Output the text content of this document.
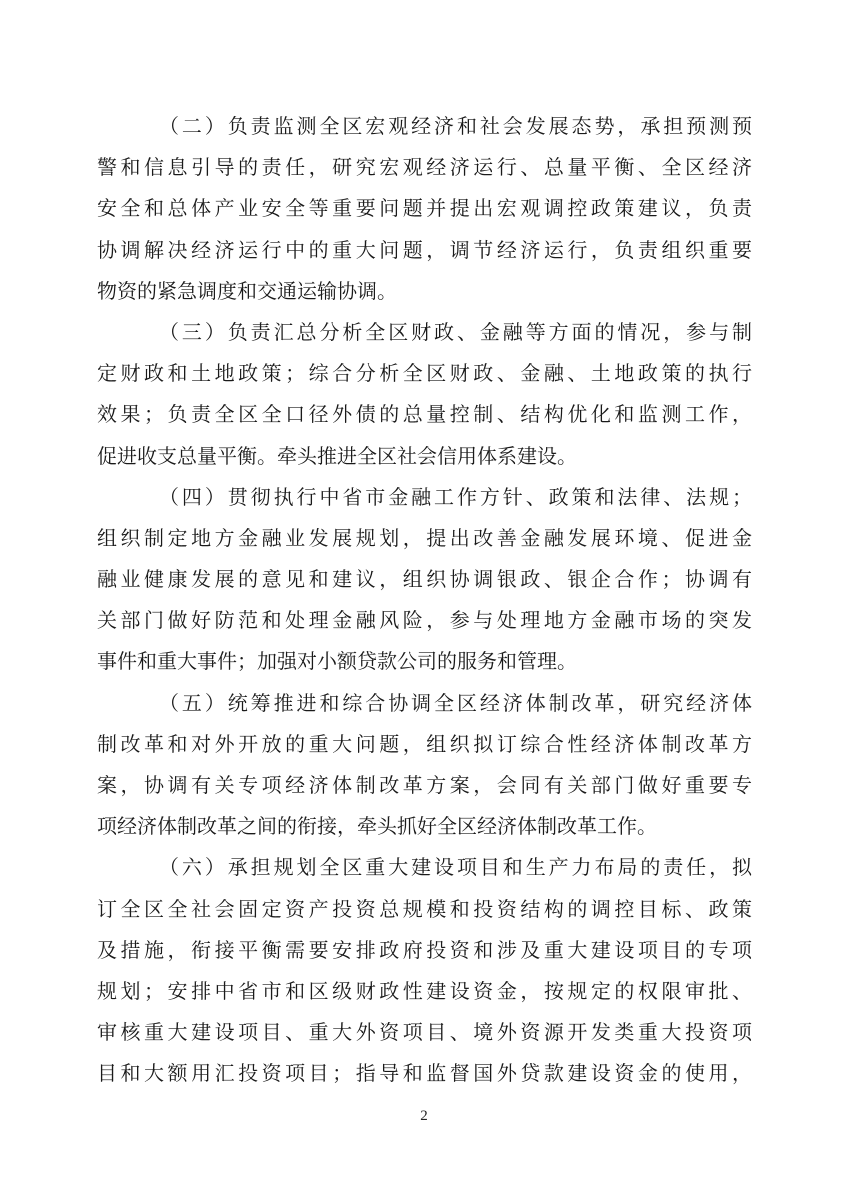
（二）负责监测全区宏观经济和社会发展态势，承担预测预
警和信息引导的责任，研究宏观经济运行、总量平衡、全区经济
安全和总体产业安全等重要问题并提出宏观调控政策建议，负责
协调解决经济运行中的重大问题，调节经济运行，负责组织重要
物资的紧急调度和交通运输协调。
（三）负责汇总分析全区财政、金融等方面的情况，参与制
定财政和土地政策；综合分析全区财政、金融、土地政策的执行
效果；负责全区全口径外债的总量控制、结构优化和监测工作，
促进收支总量平衡。牵头推进全区社会信用体系建设。
（四）贯彻执行中省市金融工作方针、政策和法律、法规；
组织制定地方金融业发展规划，提出改善金融发展环境、促进金
融业健康发展的意见和建议，组织协调银政、银企合作；协调有
关部门做好防范和处理金融风险，参与处理地方金融市场的突发
事件和重大事件；加强对小额贷款公司的服务和管理。
（五）统筹推进和综合协调全区经济体制改革，研究经济体
制改革和对外开放的重大问题，组织拟订综合性经济体制改革方
案，协调有关专项经济体制改革方案，会同有关部门做好重要专
项经济体制改革之间的衔接，牵头抓好全区经济体制改革工作。
（六）承担规划全区重大建设项目和生产力布局的责任，拟
订全区全社会固定资产投资总规模和投资结构的调控目标、政策
及措施，衔接平衡需要安排政府投资和涉及重大建设项目的专项
规划；安排中省市和区级财政性建设资金，按规定的权限审批、
审核重大建设项目、重大外资项目、境外资源开发类重大投资项
目和大额用汇投资项目；指导和监督国外贷款建设资金的使用，
2
